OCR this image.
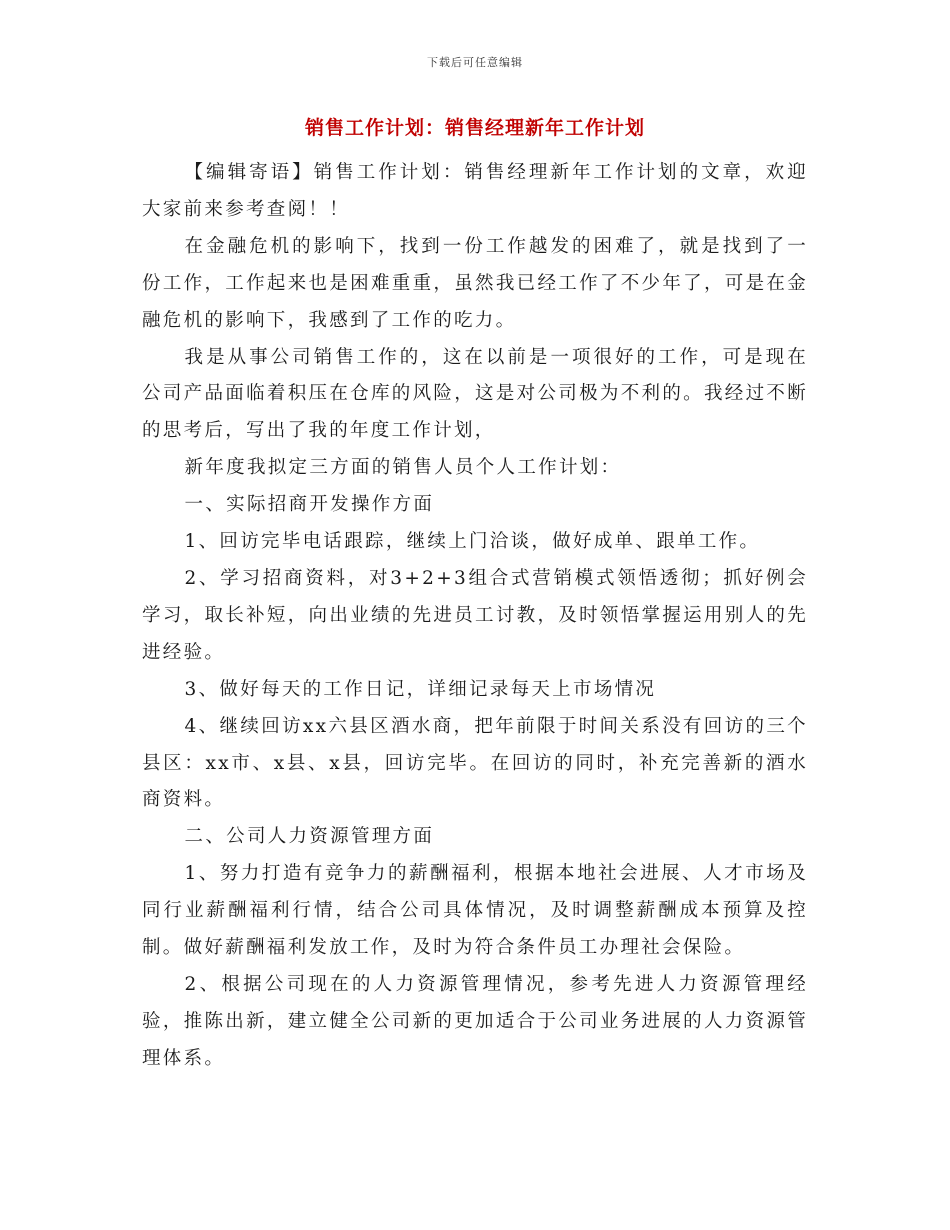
下载后可任意编辑
销售工作计划：销售经理新年工作计划

【编辑寄语】销售工作计划：销售经理新年工作计划的文章，欢迎大家前来参考查阅！！

在金融危机的影响下，找到一份工作越发的困难了，就是找到了一份工作，工作起来也是困难重重，虽然我已经工作了不少年了，可是在金融危机的影响下，我感到了工作的吃力。

我是从事公司销售工作的，这在以前是一项很好的工作，可是现在公司产品面临着积压在仓库的风险，这是对公司极为不利的。我经过不断的思考后，写出了我的年度工作计划，

新年度我拟定三方面的销售人员个人工作计划：

一、实际招商开发操作方面

1、回访完毕电话跟踪，继续上门洽谈，做好成单、跟单工作。

2、学习招商资料，对3+2+3组合式营销模式领悟透彻；抓好例会学习，取长补短，向出业绩的先进员工讨教，及时领悟掌握运用别人的先进经验。

3、做好每天的工作日记，详细记录每天上市场情况

4、继续回访xx六县区酒水商，把年前限于时间关系没有回访的三个县区：xx市、x县、x县，回访完毕。在回访的同时，补充完善新的酒水商资料。

二、公司人力资源管理方面

1、努力打造有竞争力的薪酬福利，根据本地社会进展、人才市场及同行业薪酬福利行情，结合公司具体情况，及时调整薪酬成本预算及控制。做好薪酬福利发放工作，及时为符合条件员工办理社会保险。

2、根据公司现在的人力资源管理情况，参考先进人力资源管理经验，推陈出新，建立健全公司新的更加适合于公司业务进展的人力资源管理体系。
